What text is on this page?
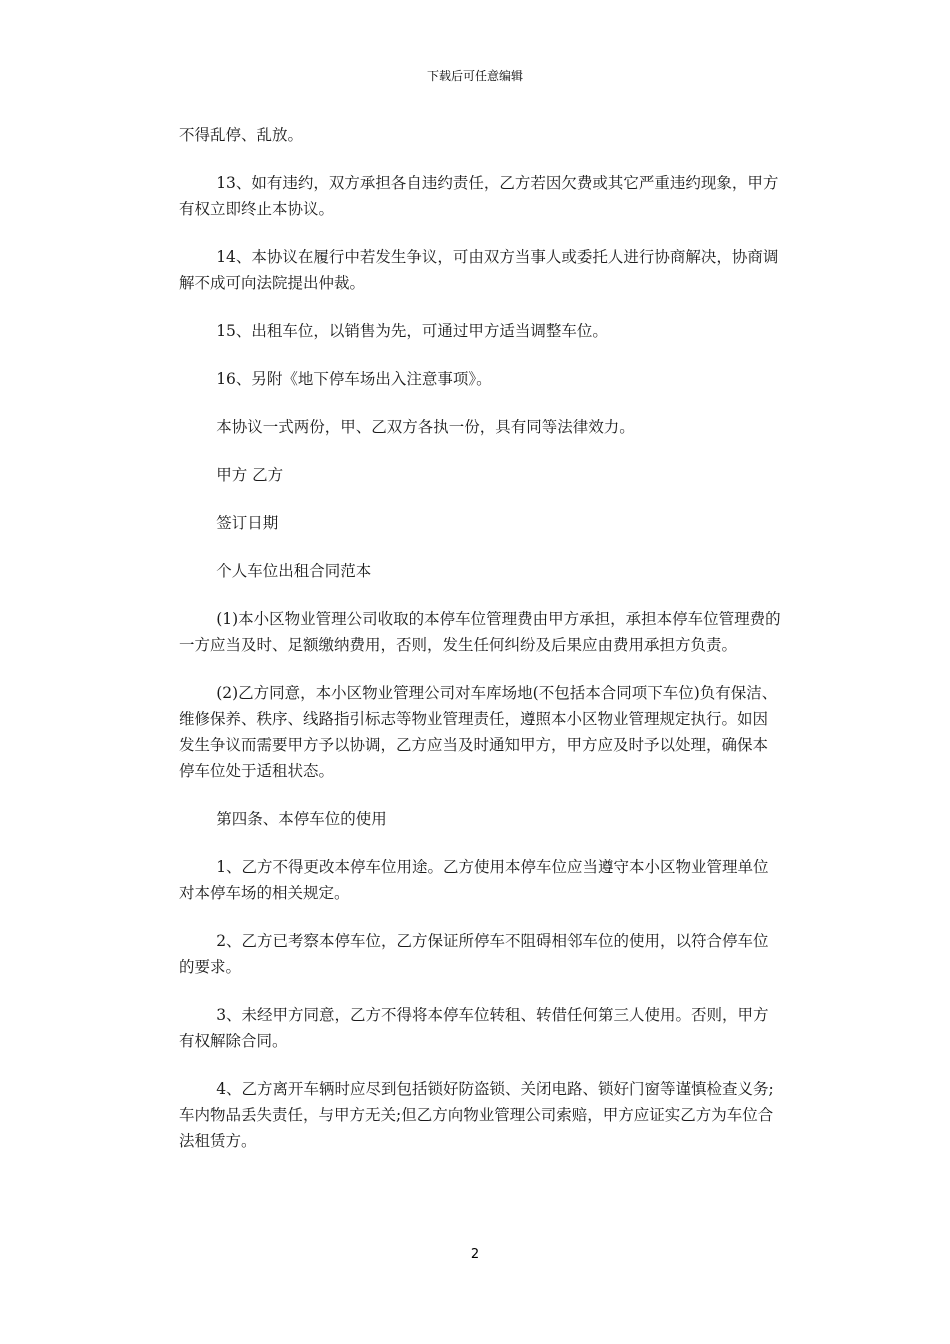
下载后可任意编辑

不得乱停、乱放。

13、如有违约，双方承担各自违约责任，乙方若因欠费或其它严重违约现象，甲方有权立即终止本协议。

14、本协议在履行中若发生争议，可由双方当事人或委托人进行协商解决，协商调解不成可向法院提出仲裁。

15、出租车位，以销售为先，可通过甲方适当调整车位。

16、另附《地下停车场出入注意事项》。

本协议一式两份，甲、乙双方各执一份，具有同等法律效力。

甲方 乙方

签订日期

个人车位出租合同范本

(1)本小区物业管理公司收取的本停车位管理费由甲方承担，承担本停车位管理费的一方应当及时、足额缴纳费用，否则，发生任何纠纷及后果应由费用承担方负责。

(2)乙方同意，本小区物业管理公司对车库场地(不包括本合同项下车位)负有保洁、维修保养、秩序、线路指引标志等物业管理责任，遵照本小区物业管理规定执行。如因发生争议而需要甲方予以协调，乙方应当及时通知甲方，甲方应及时予以处理，确保本停车位处于适租状态。

第四条、本停车位的使用

1、乙方不得更改本停车位用途。乙方使用本停车位应当遵守本小区物业管理单位对本停车场的相关规定。

2、乙方已考察本停车位，乙方保证所停车不阻碍相邻车位的使用，以符合停车位的要求。

3、未经甲方同意，乙方不得将本停车位转租、转借任何第三人使用。否则，甲方有权解除合同。

4、乙方离开车辆时应尽到包括锁好防盗锁、关闭电路、锁好门窗等谨慎检查义务;车内物品丢失责任，与甲方无关;但乙方向物业管理公司索赔，甲方应证实乙方为车位合法租赁方。

2
